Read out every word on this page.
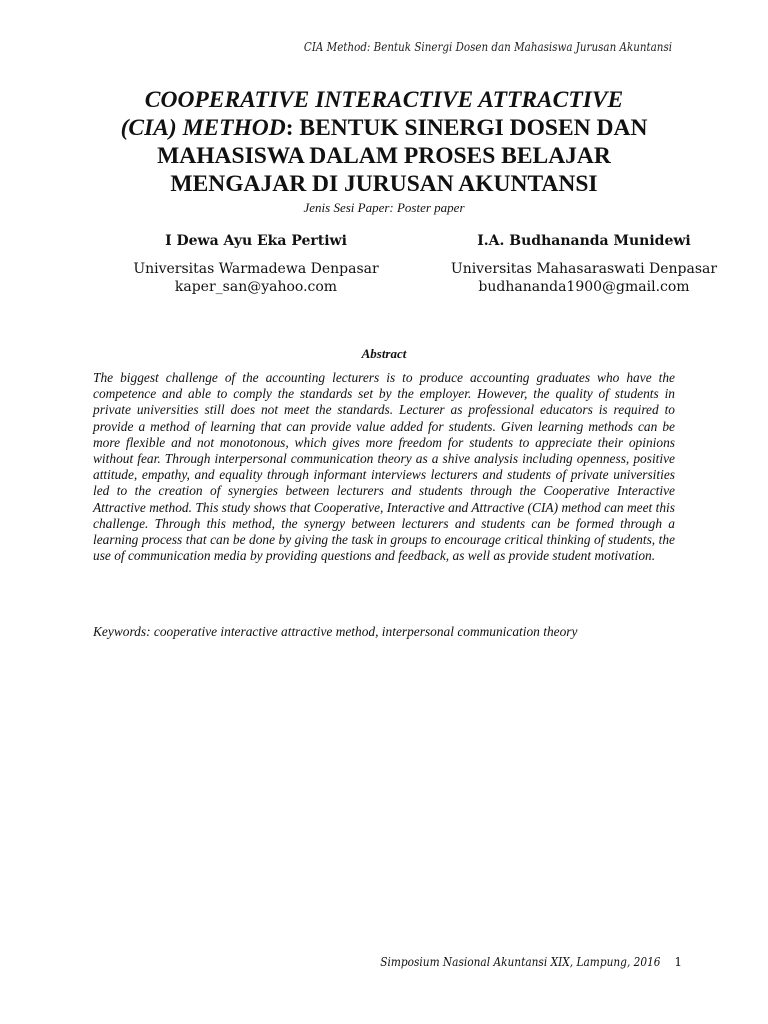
CIA Method: Bentuk Sinergi Dosen dan Mahasiswa Jurusan Akuntansi
COOPERATIVE INTERACTIVE ATTRACTIVE
(CIA) METHOD: BENTUK SINERGI DOSEN DAN
MAHASISWA DALAM PROSES BELAJAR
MENGAJAR DI JURUSAN AKUNTANSI
Jenis Sesi Paper: Poster paper
I Dewa Ayu Eka Pertiwi
Universitas Warmadewa Denpasar
kaper_san@yahoo.com
I.A. Budhananda Munidewi
Universitas Mahasaraswati Denpasar
budhananda1900@gmail.com
Abstract

The biggest challenge of the accounting lecturers is to produce accounting graduates who have the competence and able to comply the standards set by the employer. However, the quality of students in private universities still does not meet the standards. Lecturer as professional educators is required to provide a method of learning that can provide value added for students. Given learning methods can be more flexible and not monotonous, which gives more freedom for students to appreciate their opinions without fear. Through interpersonal communication theory as a shive analysis including openness, positive attitude, empathy, and equality through informant interviews lecturers and students of private universities led to the creation of synergies between lecturers and students through the Cooperative Interactive Attractive method. This study shows that Cooperative, Interactive and Attractive (CIA) method can meet this challenge. Through this method, the synergy between lecturers and students can be formed through a learning process that can be done by giving the task in groups to encourage critical thinking of students, the use of communication media by providing questions and feedback, as well as provide student motivation.

Keywords: cooperative interactive attractive method, interpersonal communication theory
Simposium Nasional Akuntansi XIX, Lampung, 2016 1
